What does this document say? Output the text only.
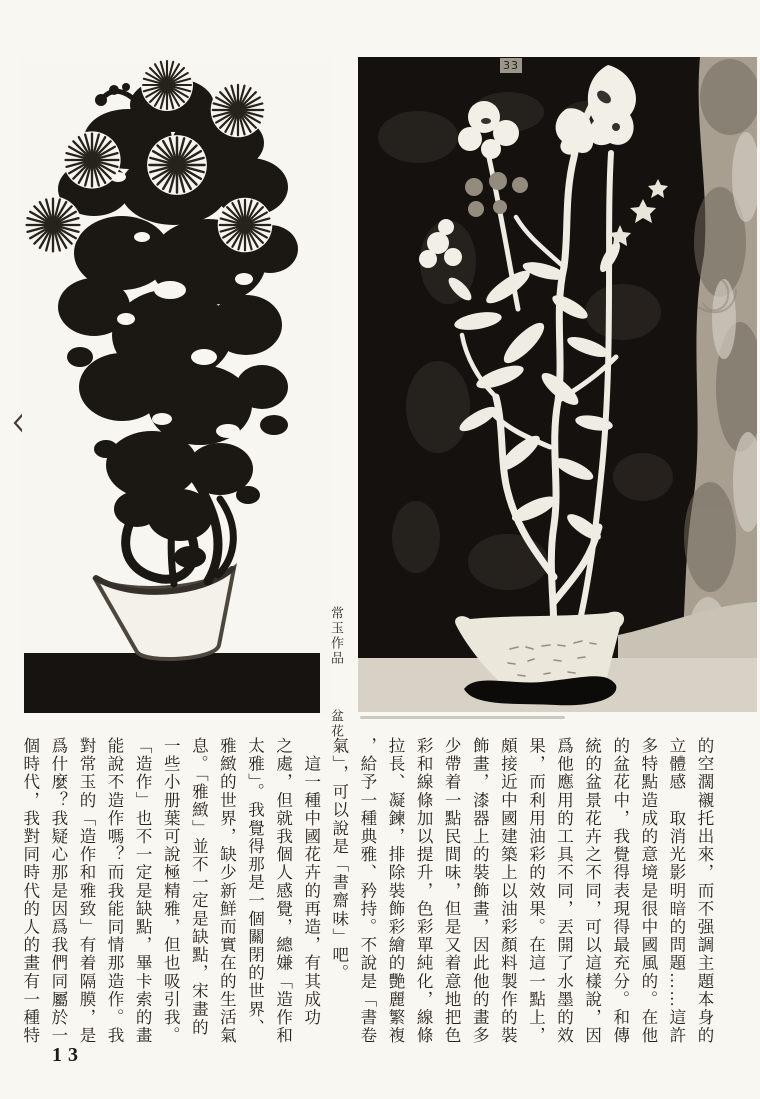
33
常玉作品 盆花
的空濶襯托出來，而不强調主題本身的
立體感　取消光影明暗的問題……這許
多特點造成的意境是很中國風的。在他
的盆花中，我覺得表現得最充分。和傳
統的盆景花卉之不同，可以這樣說，因
爲他應用的工具不同，丟開了水墨的效
果，而利用油彩的效果。在這一點上，
頗接近中國建築上以油彩顏料製作的裝
飾畫，漆器上的裝飾畫，因此他的畫多
少帶着一點民間味，但是又着意地把色
彩和線條加以提升，色彩單純化，線條
拉長、凝鍊，排除裝飾彩繪的艷麗繁複
，給予一種典雅、矜持。不說是「書卷
氣」，可以說是「書齋味」吧。
　這一種中國花卉的再造，有其成功
之處，但就我個人感覺，總嫌「造作和
太雅」。我覺得那是一個關閉的世界、
雅緻的世界，缺少新鮮而實在的生活氣
息。「雅緻」並不一定是缺點，宋畫的
一些小册葉可說極精雅，但也吸引我。
「造作」也不一定是缺點，畢卡索的畫
能說不造作嗎？而我能同情那造作。我
對常玉的「造作和雅致」有着隔膜，是
爲什麼？我疑心那是因爲我們同屬於一
個時代，我對同時代的人的畫有一種特
13
